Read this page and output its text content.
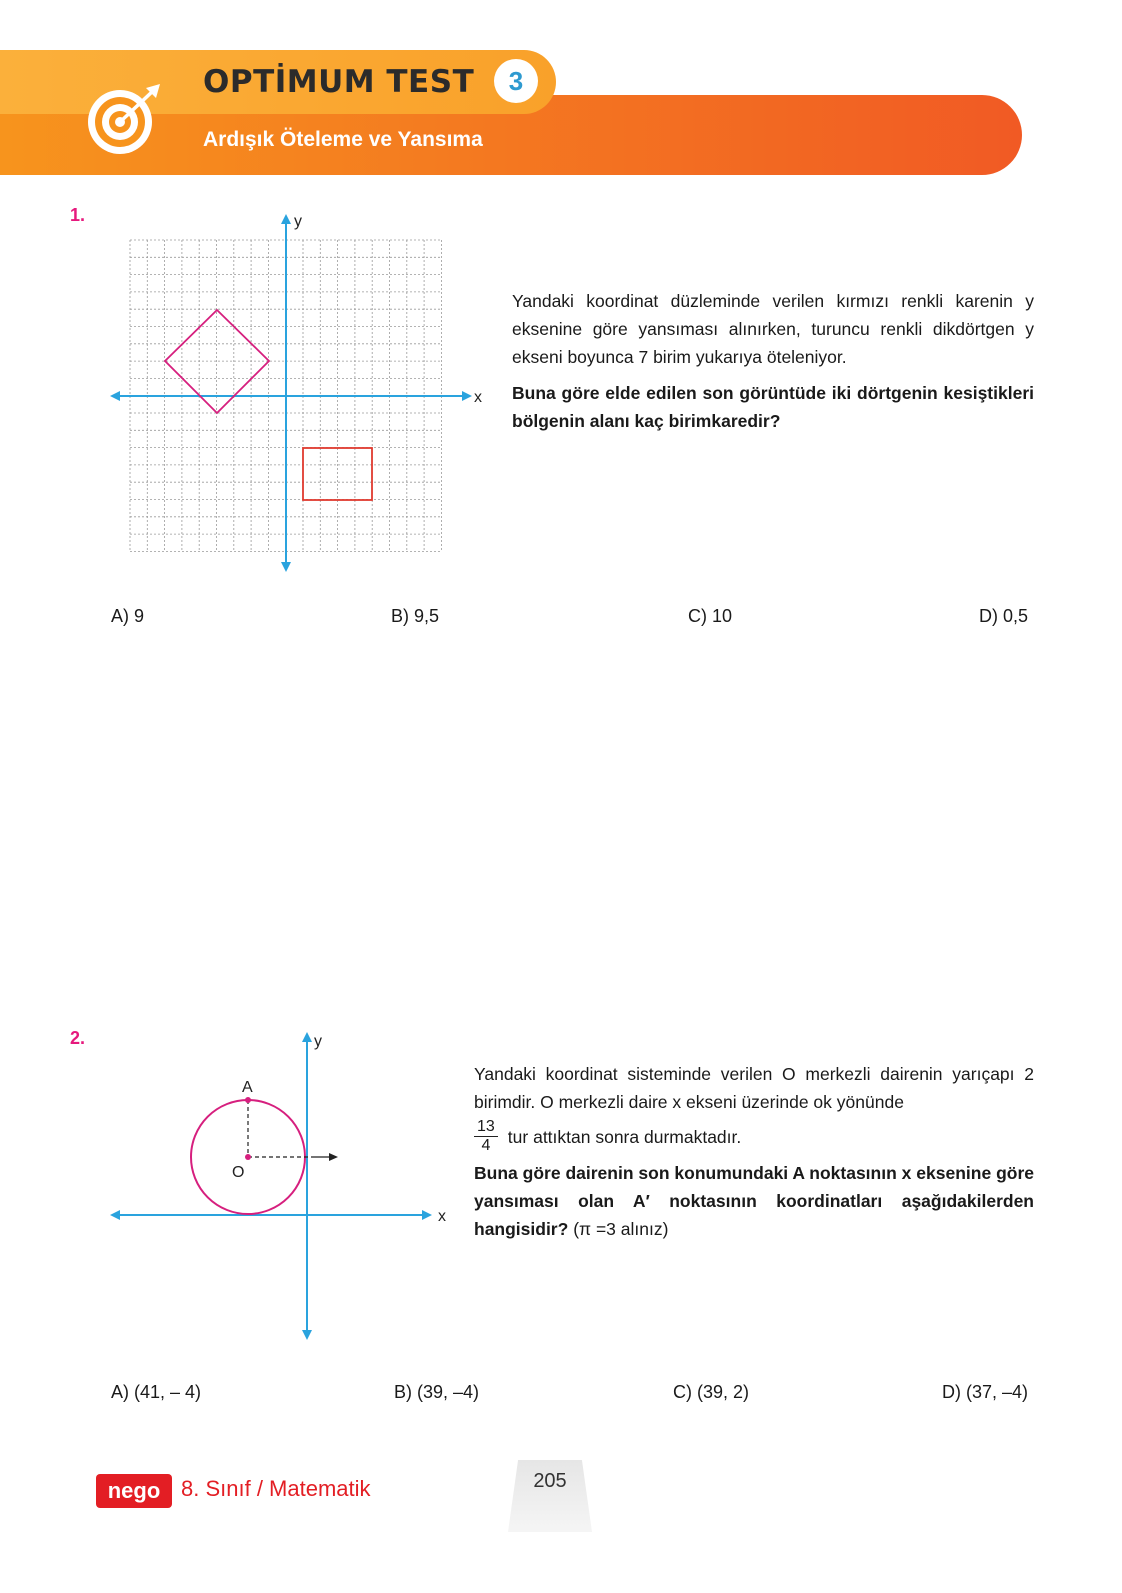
OPTİMUM TEST	3
Ardışık Öteleme ve Yansıma
1.	y
x
Yandaki koordinat düzleminde verilen kırmızı renkli karenin y eksenine göre yansıması alınırken, turuncu renkli dikdörtgen y ekseni boyunca 7 birim yukarıya öteleniyor.
Buna göre elde edilen son görüntüde iki dörtgenin kesiştikleri bölgenin alanı kaç birimkaredir?
A) 9	B) 9,5	C) 10	D) 0,5
2.
A
O
y
x
Yandaki koordinat sisteminde verilen O merkezli dairenin yarıçapı 2 birimdir. O merkezli daire x ekseni üzerinde ok yönünde
$\frac{13}{4}$ tur attıktan sonra durmaktadır.
Buna göre dairenin son konumundaki A noktasının x eksenine göre yansıması olan A′ noktasının koordinatları aşağıdakilerden hangisidir? (π =3 alınız)
A) (41, – 4)	B) (39, –4)	C) (39, 2)	D) (37, –4)
nego 8. Sınıf / Matematik	205
